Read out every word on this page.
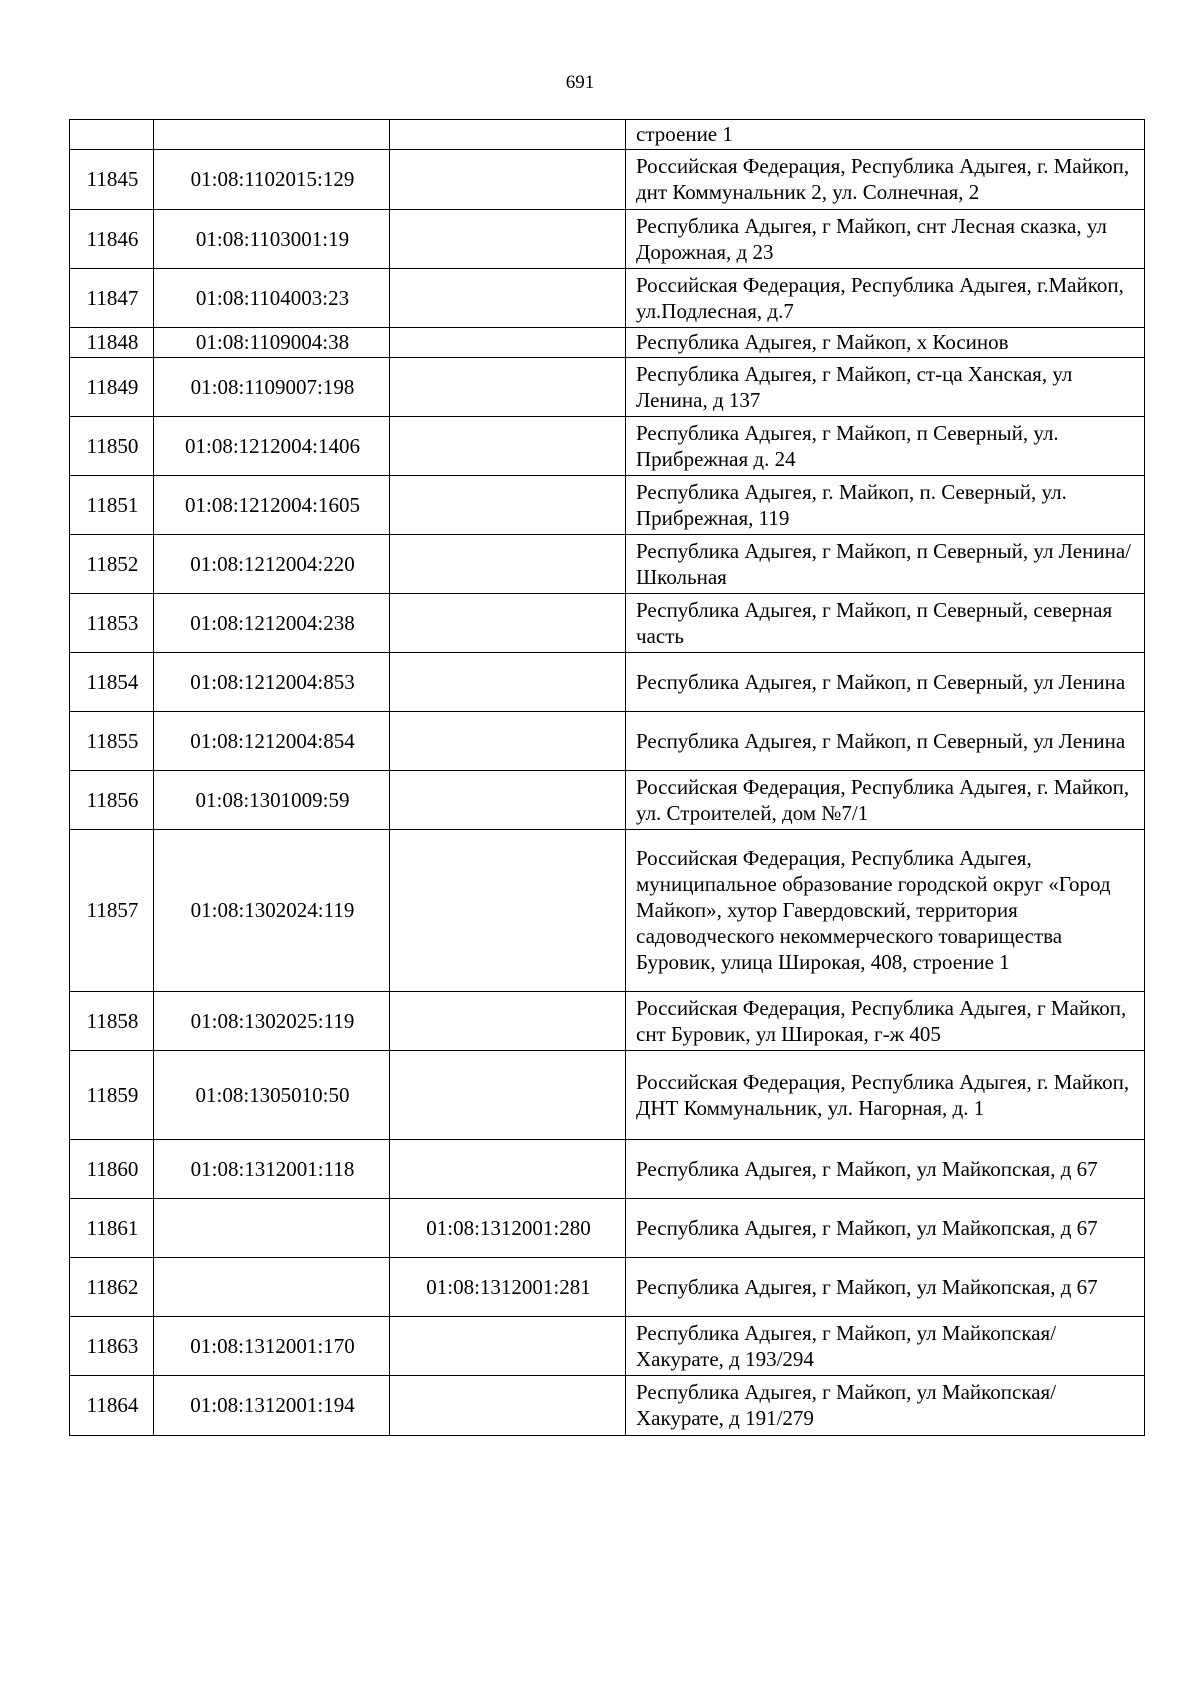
691
			строение 1
11845	01:08:1102015:129		Российская Федерация, Республика Адыгея, г. Майкоп, днт Коммунальник 2, ул. Солнечная, 2
11846	01:08:1103001:19		Республика Адыгея, г Майкоп, снт Лесная сказка, ул Дорожная, д 23
11847	01:08:1104003:23		Российская Федерация, Республика Адыгея, г.Майкоп, ул.Подлесная, д.7
11848	01:08:1109004:38		Республика Адыгея, г Майкоп, х Косинов
11849	01:08:1109007:198		Республика Адыгея, г Майкоп, ст-ца Ханская, ул Ленина, д 137
11850	01:08:1212004:1406		Республика Адыгея, г Майкоп, п Северный, ул. Прибрежная д. 24
11851	01:08:1212004:1605		Республика Адыгея, г. Майкоп, п. Северный, ул. Прибрежная, 119
11852	01:08:1212004:220		Республика Адыгея, г Майкоп, п Северный, ул Ленина/Школьная
11853	01:08:1212004:238		Республика Адыгея, г Майкоп, п Северный, северная часть
11854	01:08:1212004:853		Республика Адыгея, г Майкоп, п Северный, ул Ленина
11855	01:08:1212004:854		Республика Адыгея, г Майкоп, п Северный, ул Ленина
11856	01:08:1301009:59		Российская Федерация, Республика Адыгея, г. Майкоп, ул. Строителей, дом №7/1
11857	01:08:1302024:119		Российская Федерация, Республика Адыгея, муниципальное образование городской округ «Город Майкоп», хутор Гавердовский, территория садоводческого некоммерческого товарищества Буровик, улица Широкая, 408, строение 1
11858	01:08:1302025:119		Российская Федерация, Республика Адыгея, г Майкоп, снт Буровик, ул Широкая, г-ж 405
11859	01:08:1305010:50		Российская Федерация, Республика Адыгея, г. Майкоп, ДНТ Коммунальник, ул. Нагорная, д. 1
11860	01:08:1312001:118		Республика Адыгея, г Майкоп, ул Майкопская, д 67
11861		01:08:1312001:280	Республика Адыгея, г Майкоп, ул Майкопская, д 67
11862		01:08:1312001:281	Республика Адыгея, г Майкоп, ул Майкопская, д 67
11863	01:08:1312001:170		Республика Адыгея, г Майкоп, ул Майкопская/Хакурате, д 193/294
11864	01:08:1312001:194		Республика Адыгея, г Майкоп, ул Майкопская/Хакурате, д 191/279
